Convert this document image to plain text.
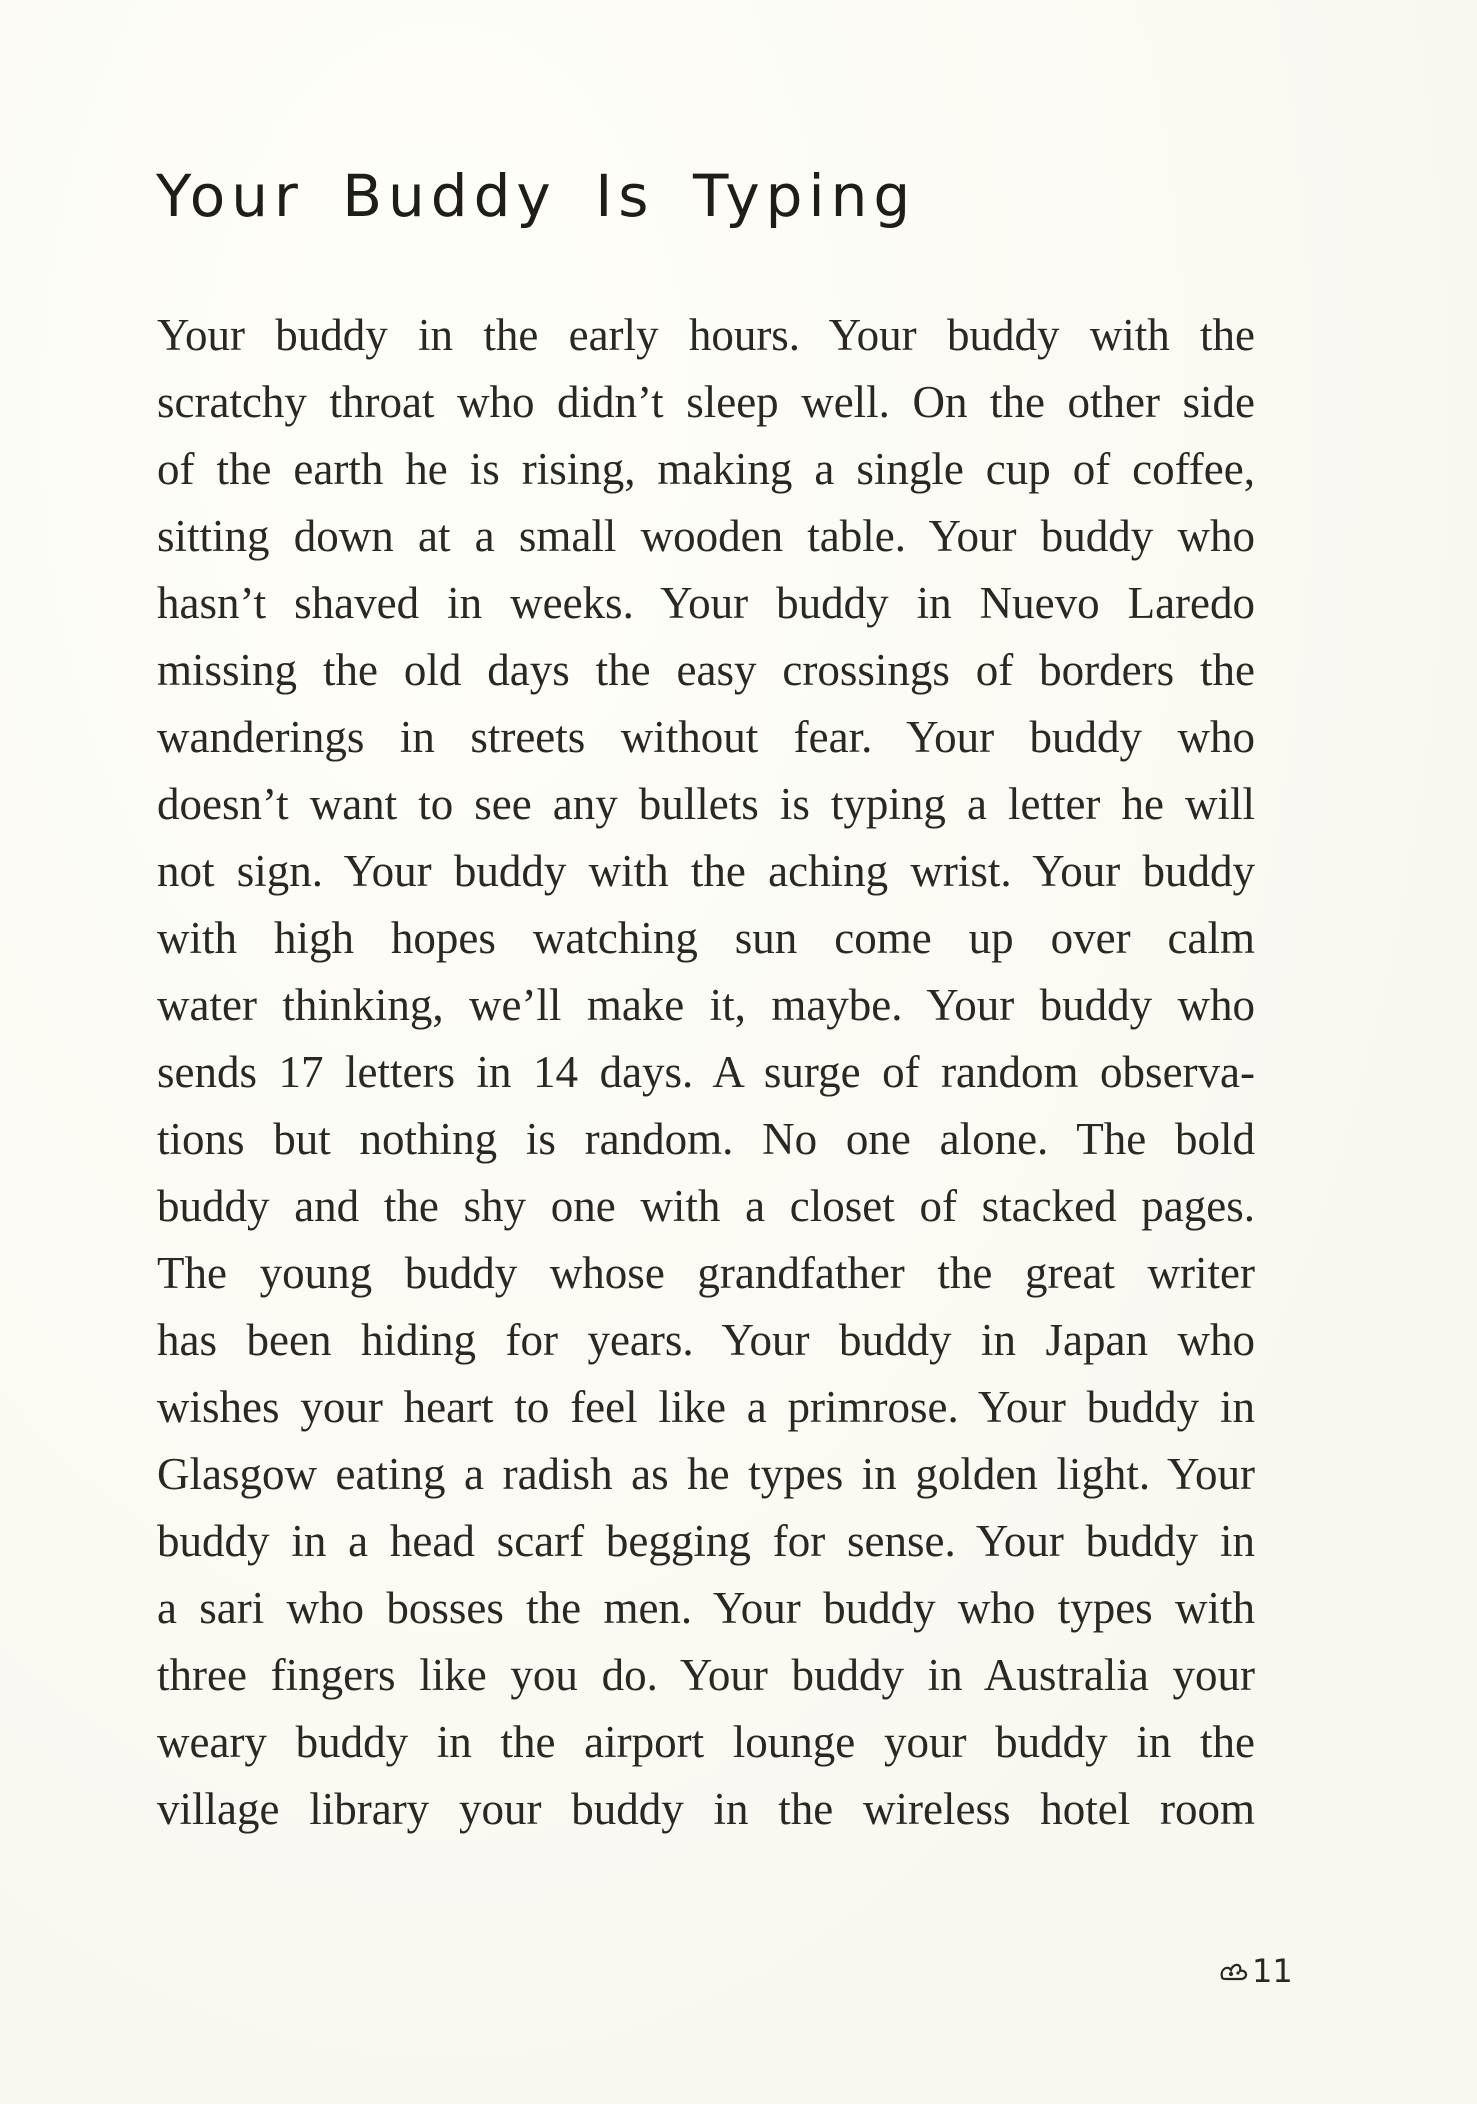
Your Buddy Is Typing
Your buddy in the early hours. Your buddy with the
scratchy throat who didn’t sleep well. On the other side
of the earth he is rising, making a single cup of coffee,
sitting down at a small wooden table. Your buddy who
hasn’t shaved in weeks. Your buddy in Nuevo Laredo
missing the old days the easy crossings of borders the
wanderings in streets without fear. Your buddy who
doesn’t want to see any bullets is typing a letter he will
not sign. Your buddy with the aching wrist. Your buddy
with high hopes watching sun come up over calm
water thinking, we’ll make it, maybe. Your buddy who
sends 17 letters in 14 days. A surge of random observa-
tions but nothing is random. No one alone. The bold
buddy and the shy one with a closet of stacked pages.
The young buddy whose grandfather the great writer
has been hiding for years. Your buddy in Japan who
wishes your heart to feel like a primrose. Your buddy in
Glasgow eating a radish as he types in golden light. Your
buddy in a head scarf begging for sense. Your buddy in
a sari who bosses the men. Your buddy who types with
three fingers like you do. Your buddy in Australia your
weary buddy in the airport lounge your buddy in the
village library your buddy in the wireless hotel room
11
